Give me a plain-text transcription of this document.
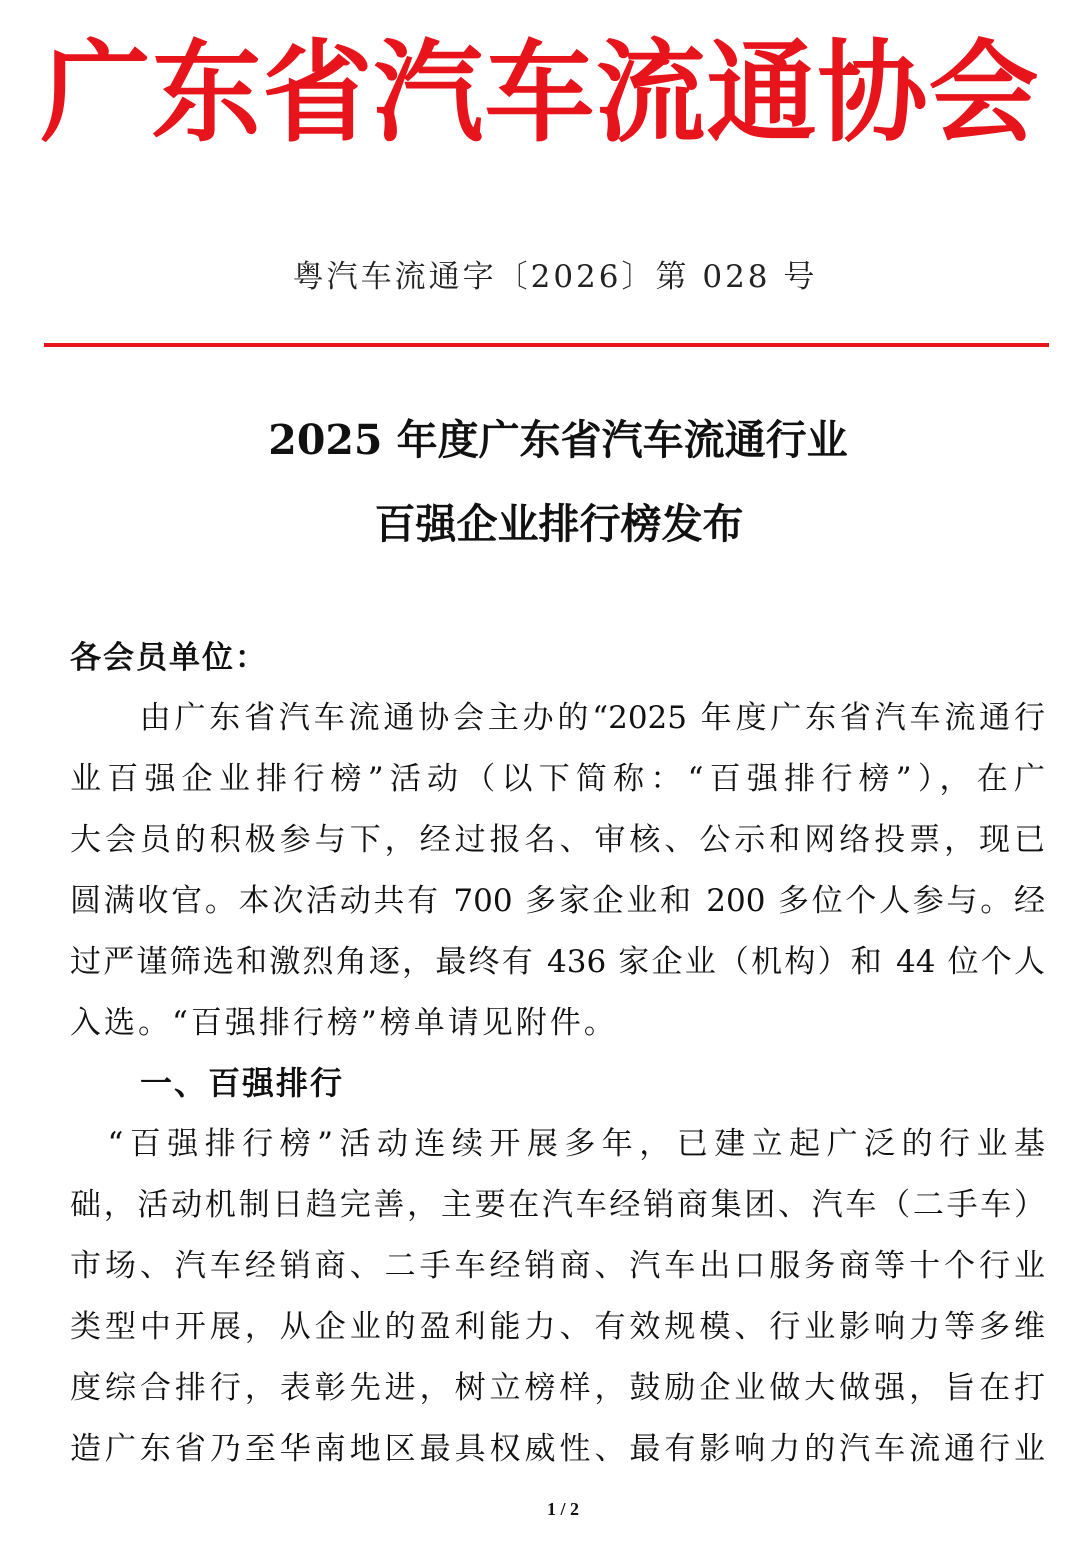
广东省汽车流通协会
粤汽车流通字〔2026〕第 028 号
2025 年度广东省汽车流通行业
百强企业排行榜发布
各会员单位：
　　由广东省汽车流通协会主办的“2025 年度广东省汽车流通行
业百强企业排行榜”活动（以下简称：“百强排行榜”），在广
大会员的积极参与下，经过报名、审核、公示和网络投票，现已
圆满收官。本次活动共有 700 多家企业和 200 多位个人参与。经
过严谨筛选和激烈角逐，最终有 436 家企业（机构）和 44 位个人
入选。“百强排行榜”榜单请见附件。
一、百强排行
　“百强排行榜”活动连续开展多年，已建立起广泛的行业基
础，活动机制日趋完善，主要在汽车经销商集团、汽车（二手车）
市场、汽车经销商、二手车经销商、汽车出口服务商等十个行业
类型中开展，从企业的盈利能力、有效规模、行业影响力等多维
度综合排行，表彰先进，树立榜样，鼓励企业做大做强，旨在打
造广东省乃至华南地区最具权威性、最有影响力的汽车流通行业
1 / 2
